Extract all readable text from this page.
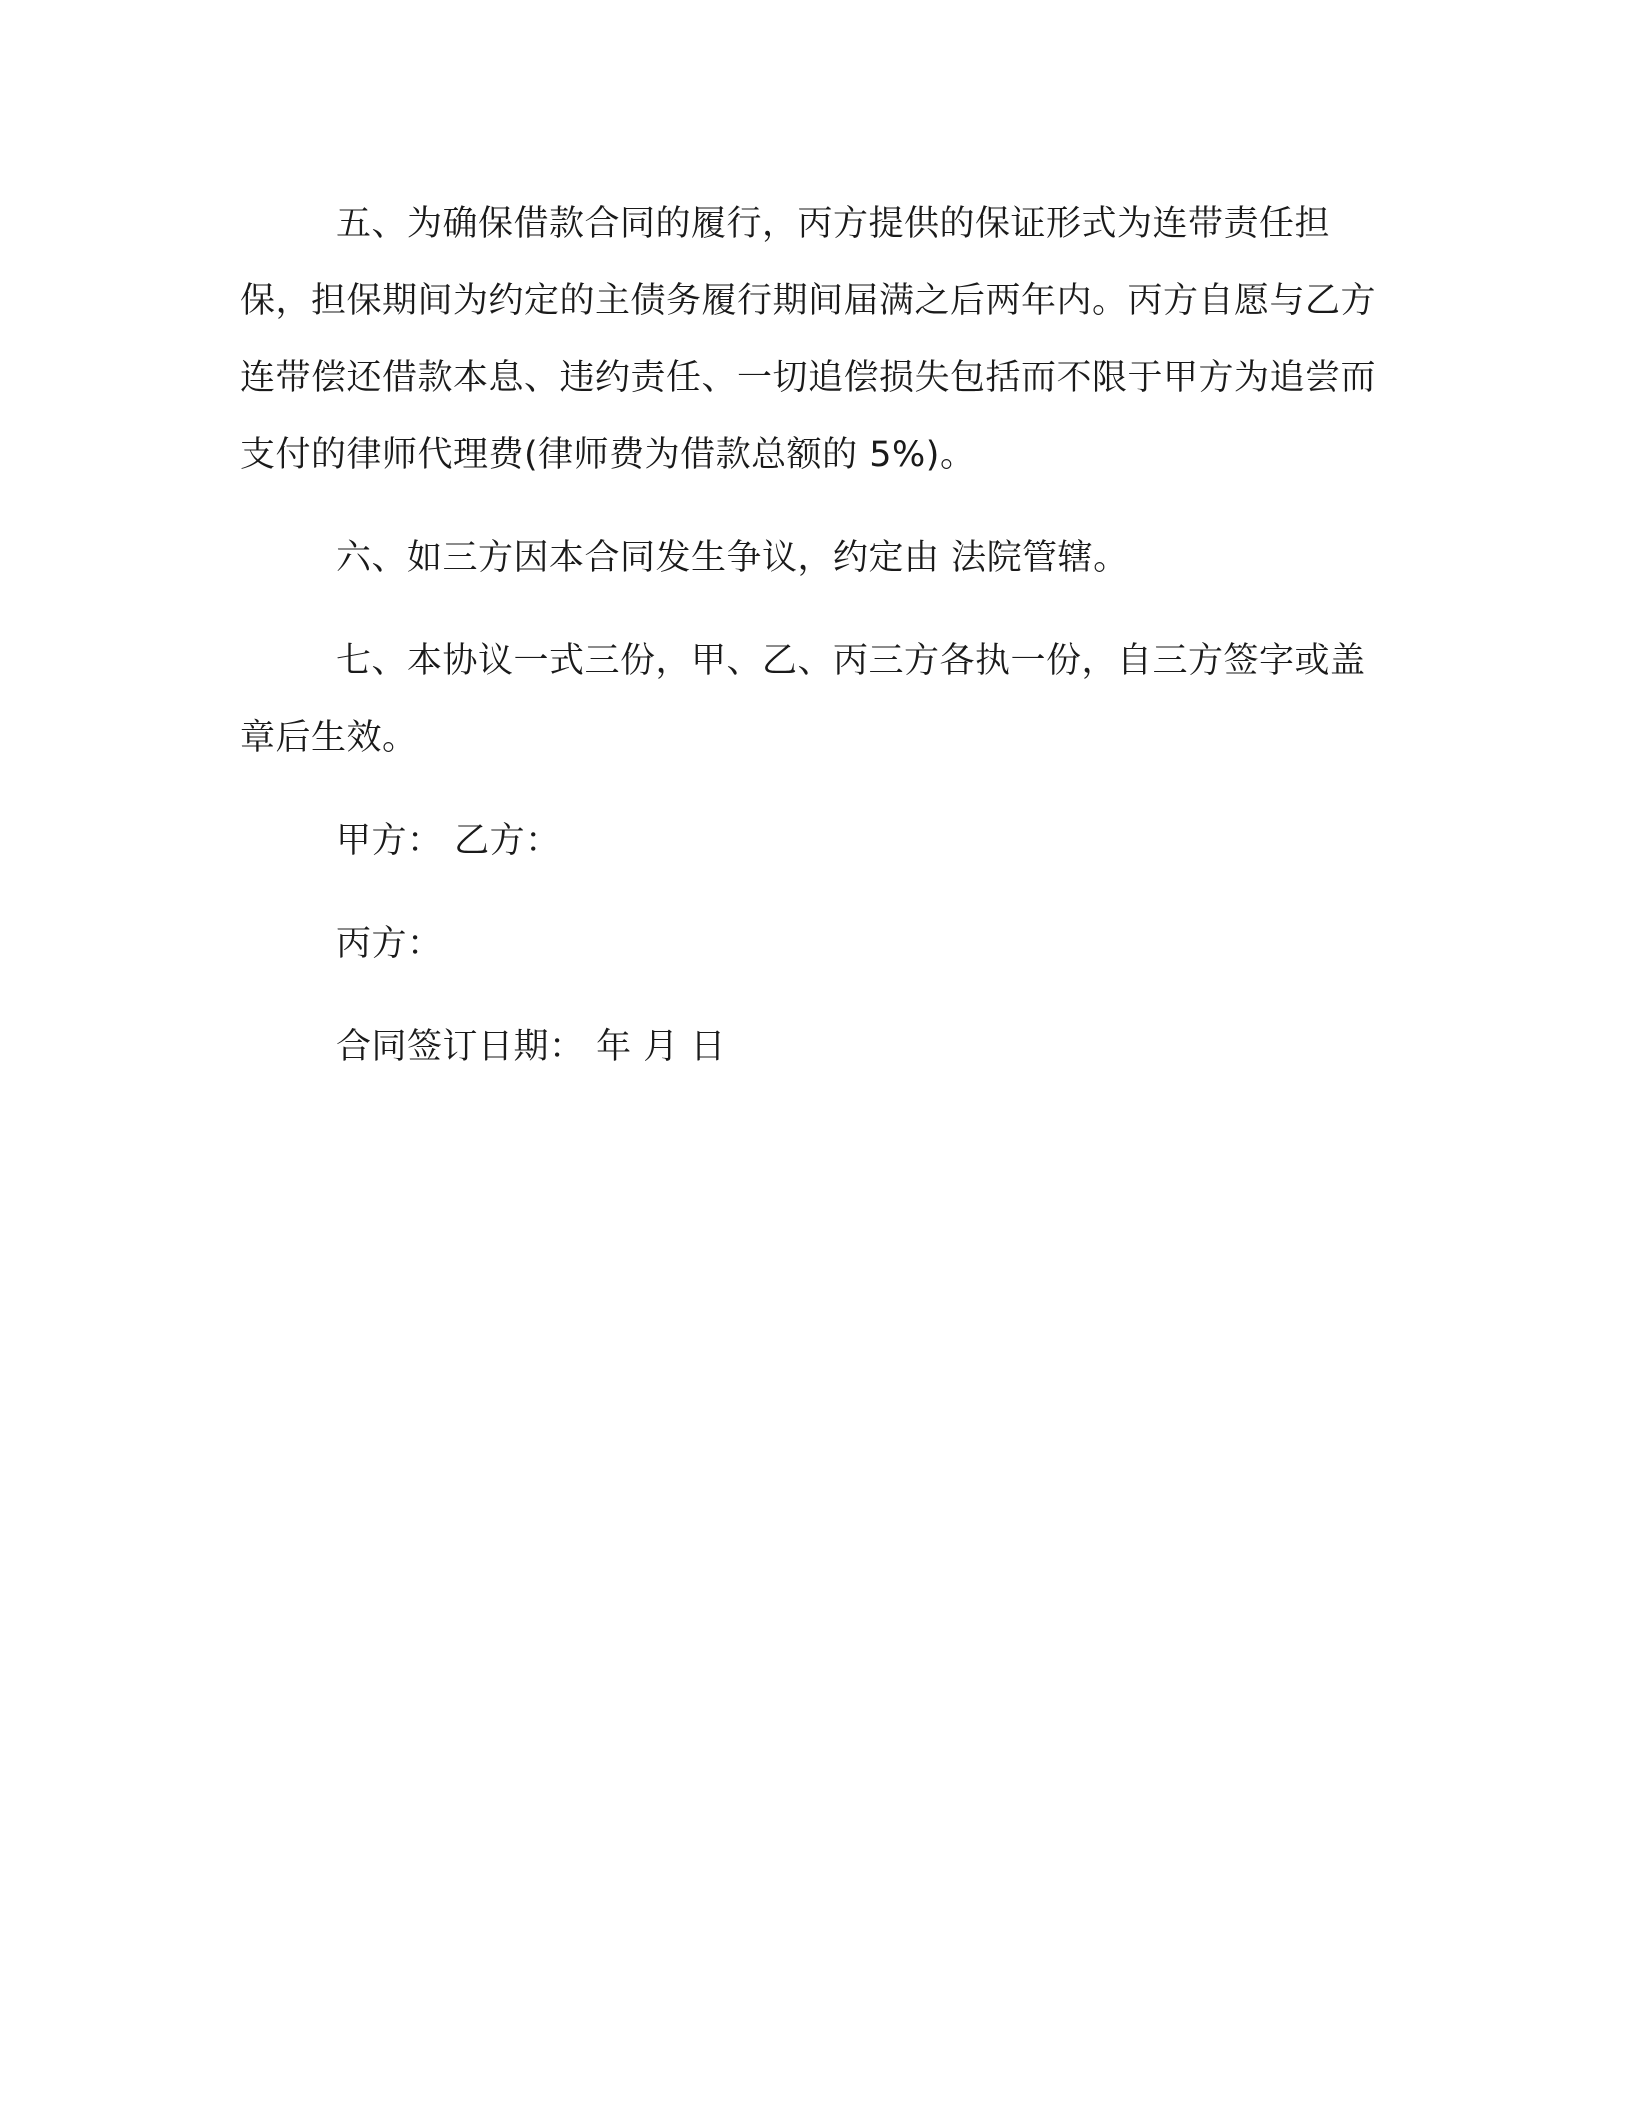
五、为确保借款合同的履行，丙方提供的保证形式为连带责任担保，担保期间为约定的主债务履行期间届满之后两年内。丙方自愿与乙方连带偿还借款本息、违约责任、一切追偿损失包括而不限于甲方为追尝而支付的律师代理费(律师费为借款总额的 5%)。

六、如三方因本合同发生争议，约定由 法院管辖。

七、本协议一式三份，甲、乙、丙三方各执一份，自三方签字或盖章后生效。

甲方： 乙方：

丙方：

合同签订日期： 年 月 日
